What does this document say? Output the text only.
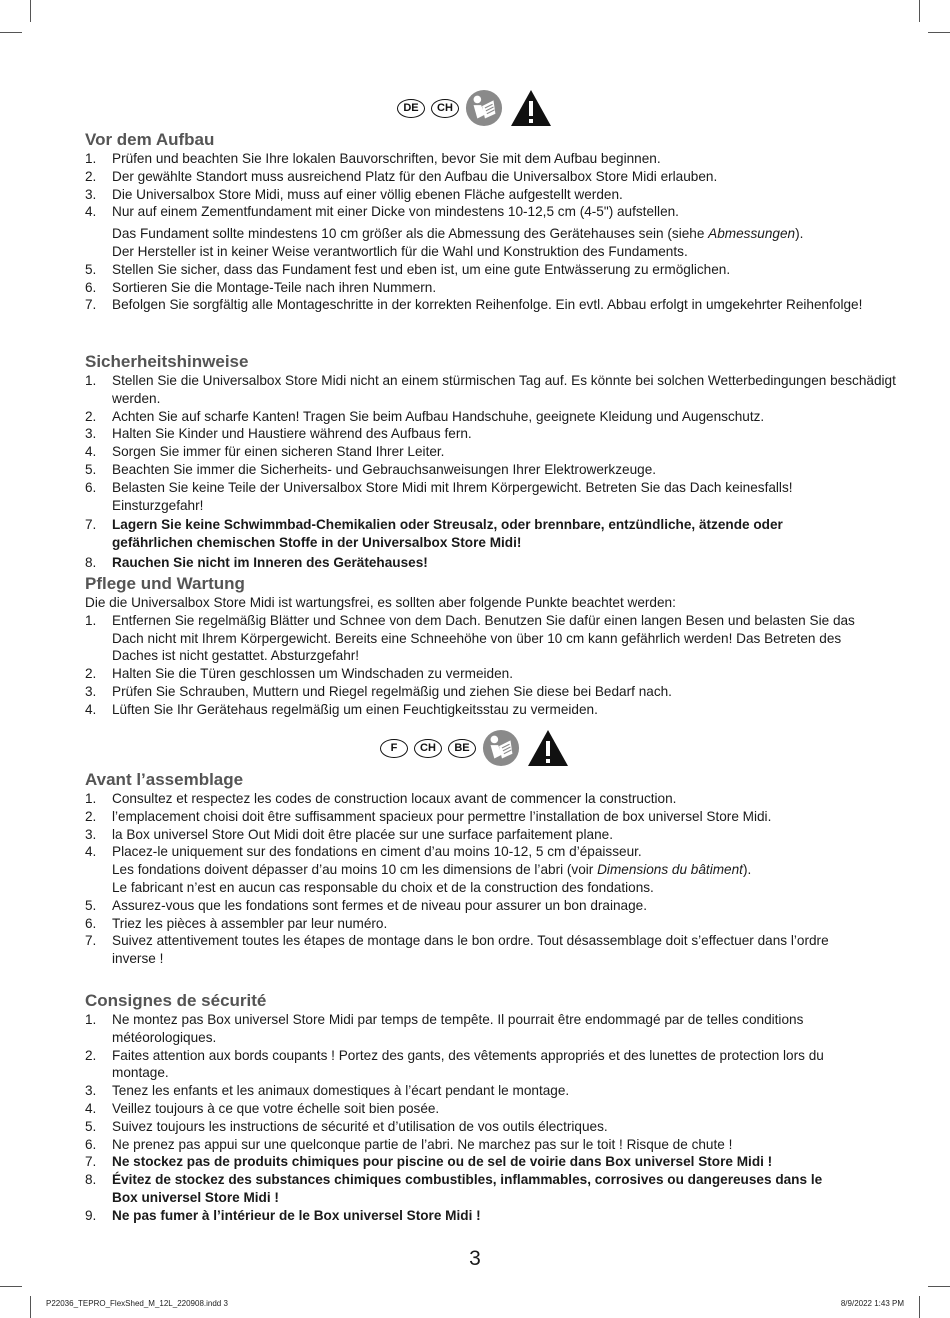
DE	CH
Vor dem Aufbau
1. Prüfen und beachten Sie Ihre lokalen Bauvorschriften, bevor Sie mit dem Aufbau beginnen.
2. Der gewählte Standort muss ausreichend Platz für den Aufbau die Universalbox Store Midi erlauben.
3. Die Universalbox Store Midi, muss auf einer völlig ebenen Fläche aufgestellt werden.
4. Nur auf einem Zementfundament mit einer Dicke von mindestens 10-12,5 cm (4-5") aufstellen.
Das Fundament sollte mindestens 10 cm größer als die Abmessung des Gerätehauses sein (siehe Abmessungen).
Der Hersteller ist in keiner Weise verantwortlich für die Wahl und Konstruktion des Fundaments.
5. Stellen Sie sicher, dass das Fundament fest und eben ist, um eine gute Entwässerung zu ermöglichen.
6. Sortieren Sie die Montage-Teile nach ihren Nummern.
7. Befolgen Sie sorgfältig alle Montageschritte in der korrekten Reihenfolge. Ein evtl. Abbau erfolgt in umgekehrter Reihenfolge!
Sicherheitshinweise
1. Stellen Sie die Universalbox Store Midi nicht an einem stürmischen Tag auf. Es könnte bei solchen Wetterbedingungen beschädigt werden.
2. Achten Sie auf scharfe Kanten! Tragen Sie beim Aufbau Handschuhe, geeignete Kleidung und Augenschutz.
3. Halten Sie Kinder und Haustiere während des Aufbaus fern.
4. Sorgen Sie immer für einen sicheren Stand Ihrer Leiter.
5. Beachten Sie immer die Sicherheits- und Gebrauchsanweisungen Ihrer Elektrowerkzeuge.
6. Belasten Sie keine Teile der Universalbox Store Midi mit Ihrem Körpergewicht. Betreten Sie das Dach keinesfalls! Einsturzgefahr!
7. Lagern Sie keine Schwimmbad-Chemikalien oder Streusalz, oder brennbare, entzündliche, ätzende oder gefährlichen chemischen Stoffe in der Universalbox Store Midi!
8. Rauchen Sie nicht im Inneren des Gerätehauses!
Pflege und Wartung

Die die Universalbox Store Midi ist wartungsfrei, es sollten aber folgende Punkte beachtet werden:

1. Entfernen Sie regelmäßig Blätter und Schnee von dem Dach. Benutzen Sie dafür einen langen Besen und belasten Sie das Dach nicht mit Ihrem Körpergewicht. Bereits eine Schneehöhe von über 10 cm kann gefährlich werden! Das Betreten des Daches ist nicht gestattet. Absturzgefahr!
2. Halten Sie die Türen geschlossen um Windschaden zu vermeiden.
3. Prüfen Sie Schrauben, Muttern und Riegel regelmäßig und ziehen Sie diese bei Bedarf nach.
4. Lüften Sie Ihr Gerätehaus regelmäßig um einen Feuchtigkeitsstau zu vermeiden.
F	CH	BE
Avant l’assemblage
1. Consultez et respectez les codes de construction locaux avant de commencer la construction.
2. l’emplacement choisi doit être suffisamment spacieux pour permettre l’installation de box universel Store Midi.
3. la Box universel Store Out Midi doit être placée sur une surface parfaitement plane.
4. Placez-le uniquement sur des fondations en ciment d’au moins 10-12, 5 cm d’épaisseur.
Les fondations doivent dépasser d’au moins 10 cm les dimensions de l’abri (voir Dimensions du bâtiment).
Le fabricant n’est en aucun cas responsable du choix et de la construction des fondations.
5. Assurez-vous que les fondations sont fermes et de niveau pour assurer un bon drainage.
6. Triez les pièces à assembler par leur numéro.
7. Suivez attentivement toutes les étapes de montage dans le bon ordre. Tout désassemblage doit s’effectuer dans l’ordre inverse !
Consignes de sécurité
1. Ne montez pas Box universel Store Midi par temps de tempête. Il pourrait être endommagé par de telles conditions météorologiques.
2. Faites attention aux bords coupants ! Portez des gants, des vêtements appropriés et des lunettes de protection lors du montage.
3. Tenez les enfants et les animaux domestiques à l’écart pendant le montage.
4. Veillez toujours à ce que votre échelle soit bien posée.
5. Suivez toujours les instructions de sécurité et d’utilisation de vos outils électriques.
6. Ne prenez pas appui sur une quelconque partie de l’abri. Ne marchez pas sur le toit ! Risque de chute !
7. Ne stockez pas de produits chimiques pour piscine ou de sel de voirie dans Box universel Store Midi !
8. Évitez de stockez des substances chimiques combustibles, inflammables, corrosives ou dangereuses dans le Box universel Store Midi !
9. Ne pas fumer à l’intérieur de le Box universel Store Midi !
3
P22036_TEPRO_FlexShed_M_12L_220908.indd 3	8/9/2022 1:43 PM
